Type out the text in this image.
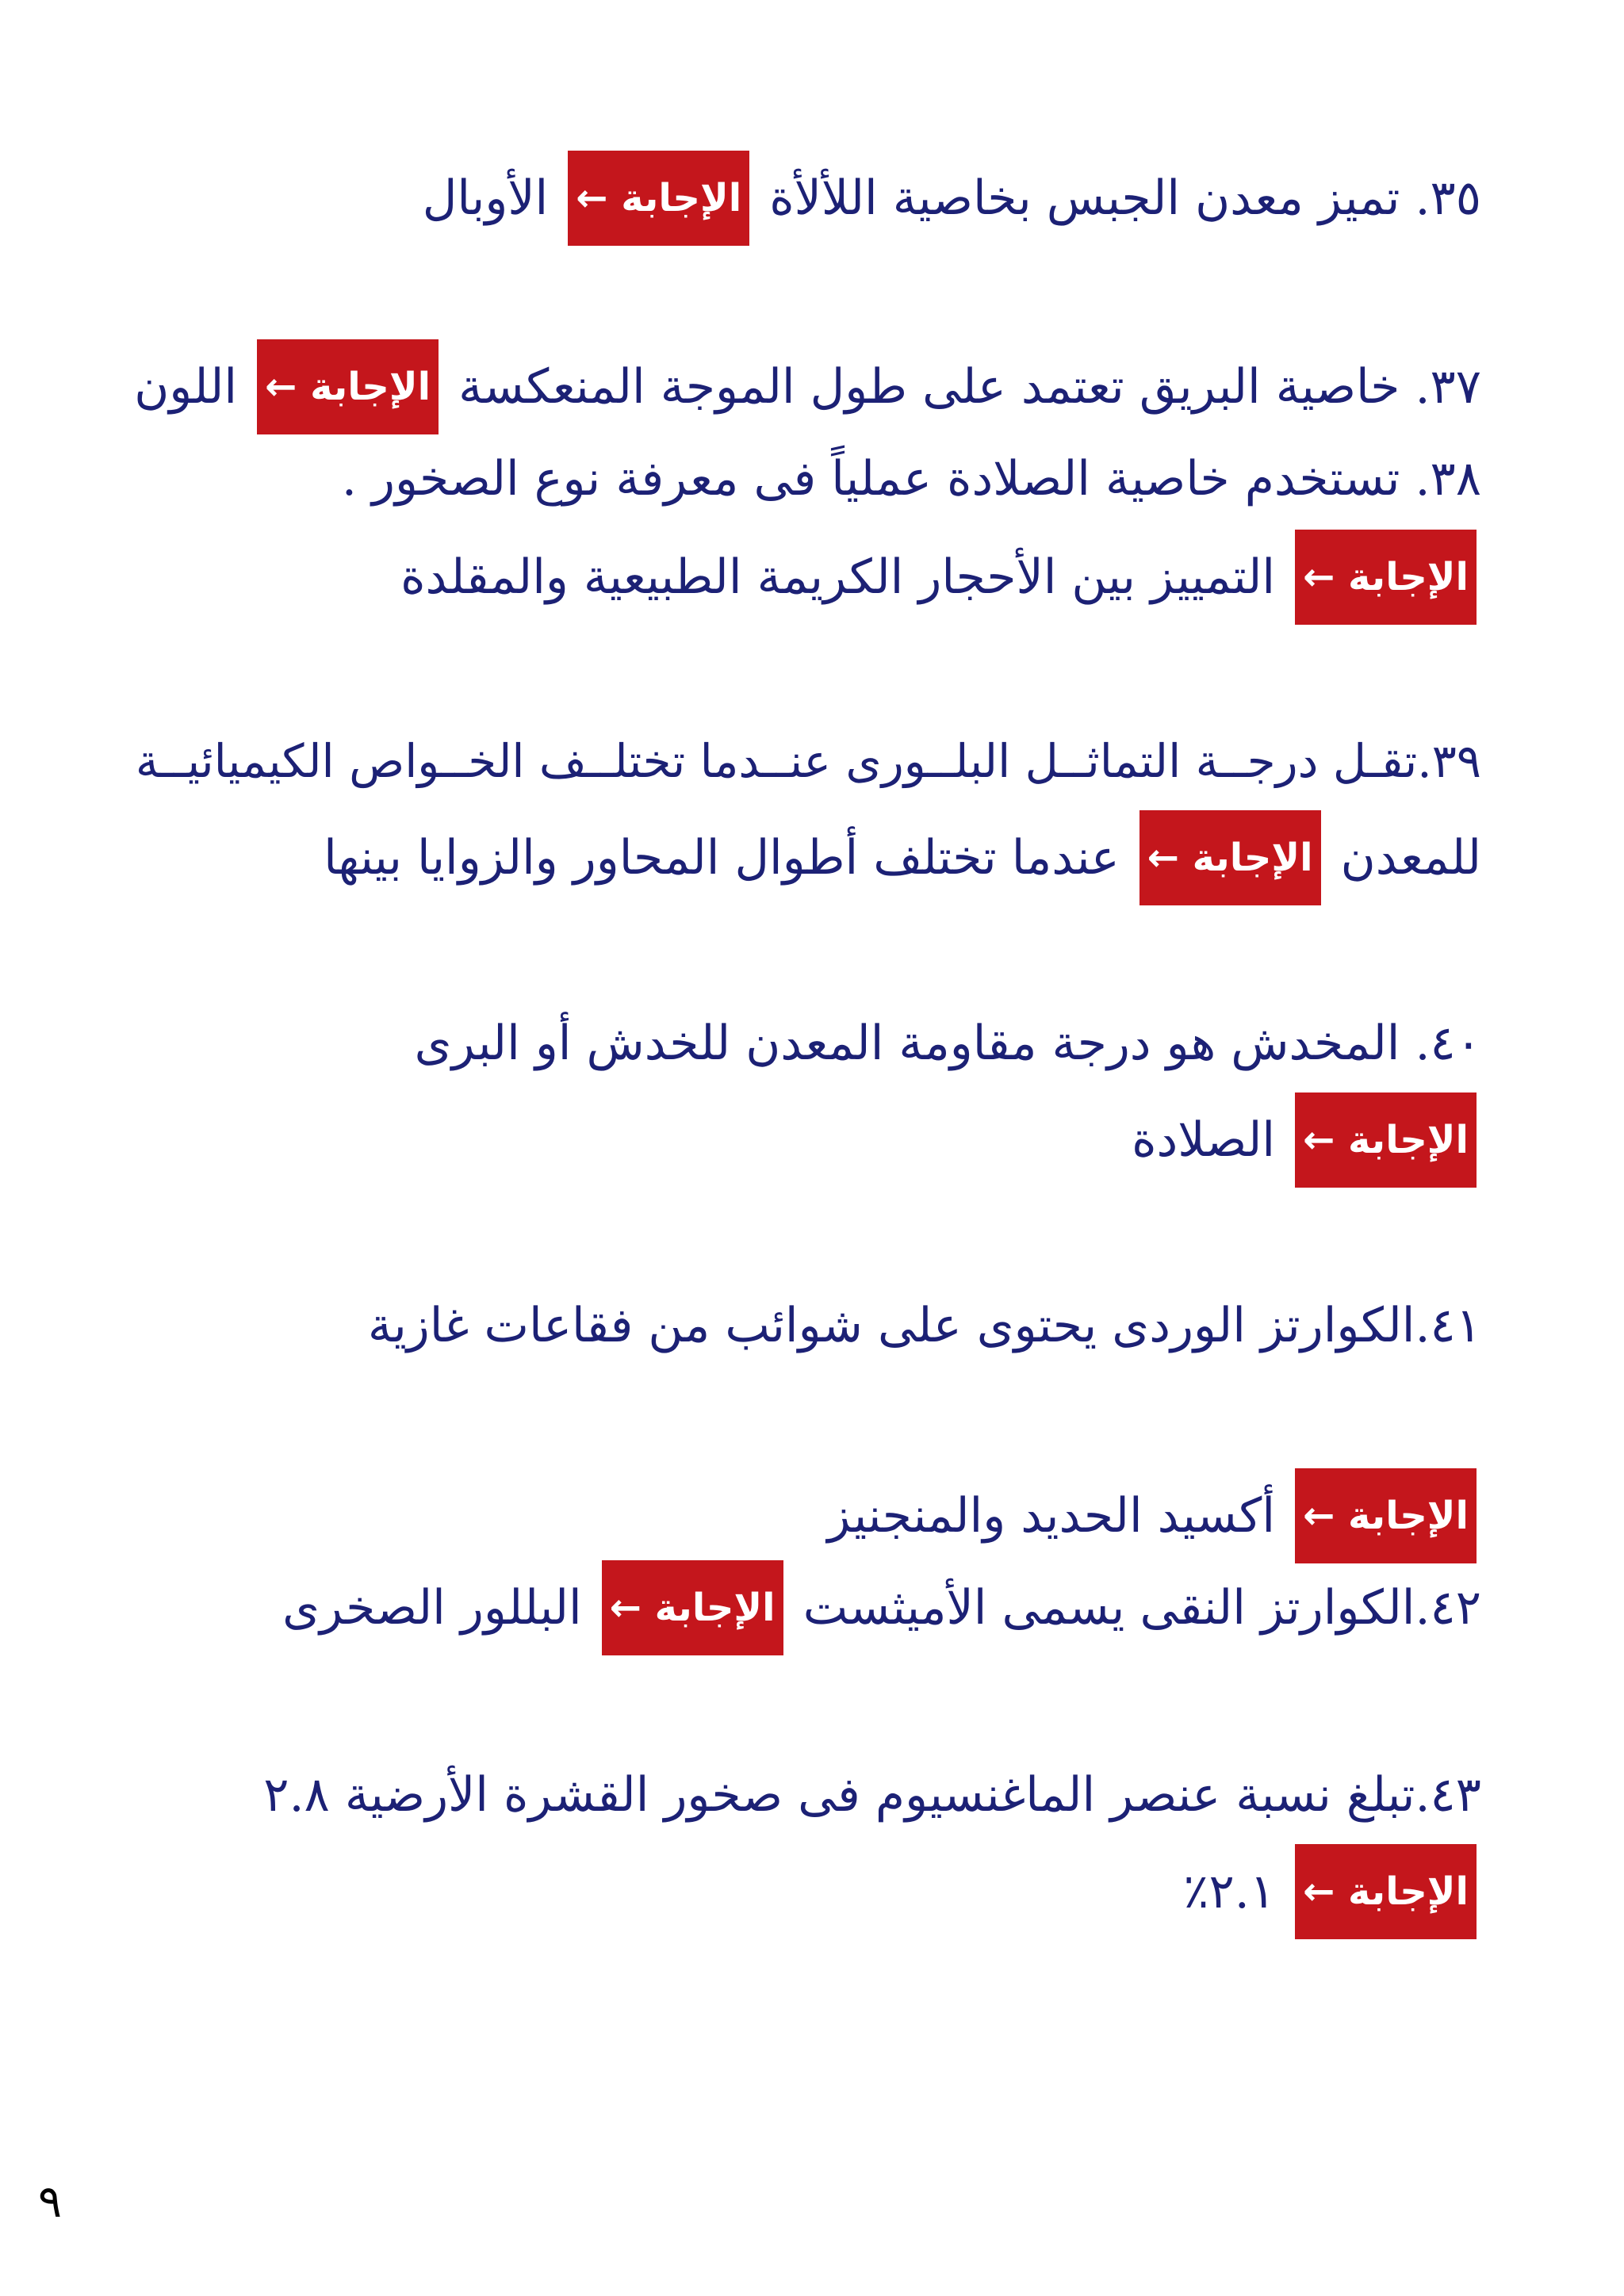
٣٥. تميز معدن الجبس بخاصية اللألأة الإجابة ← الأوبال
٣٧. خاصية البريق تعتمد على طول الموجة المنعكسة الإجابة ← اللون
٣٨. تستخدم خاصية الصلادة عملياً فى معرفة نوع الصخور .
الإجابة ← التمييز بين الأحجار الكريمة الطبيعية والمقلدة
٣٩.تقـل درجــة التماثــل البلــورى عنــدما تختلــف الخــواص الكيميائيــة
للمعدن الإجابة ← عندما تختلف أطوال المحاور والزوايا بينها
٤٠. المخدش هو درجة مقاومة المعدن للخدش أو البرى
الإجابة ← الصلادة
٤١.الكوارتز الوردى يحتوى على شوائب من فقاعات غازية
الإجابة ← أكسيد الحديد والمنجنيز
٤٢.الكوارتز النقى يسمى الأميثست الإجابة ← البللور الصخرى
٤٣.تبلغ نسبة عنصر الماغنسيوم فى صخور القشرة الأرضية ٢.٨
الإجابة ← ٢.١٪
٩
